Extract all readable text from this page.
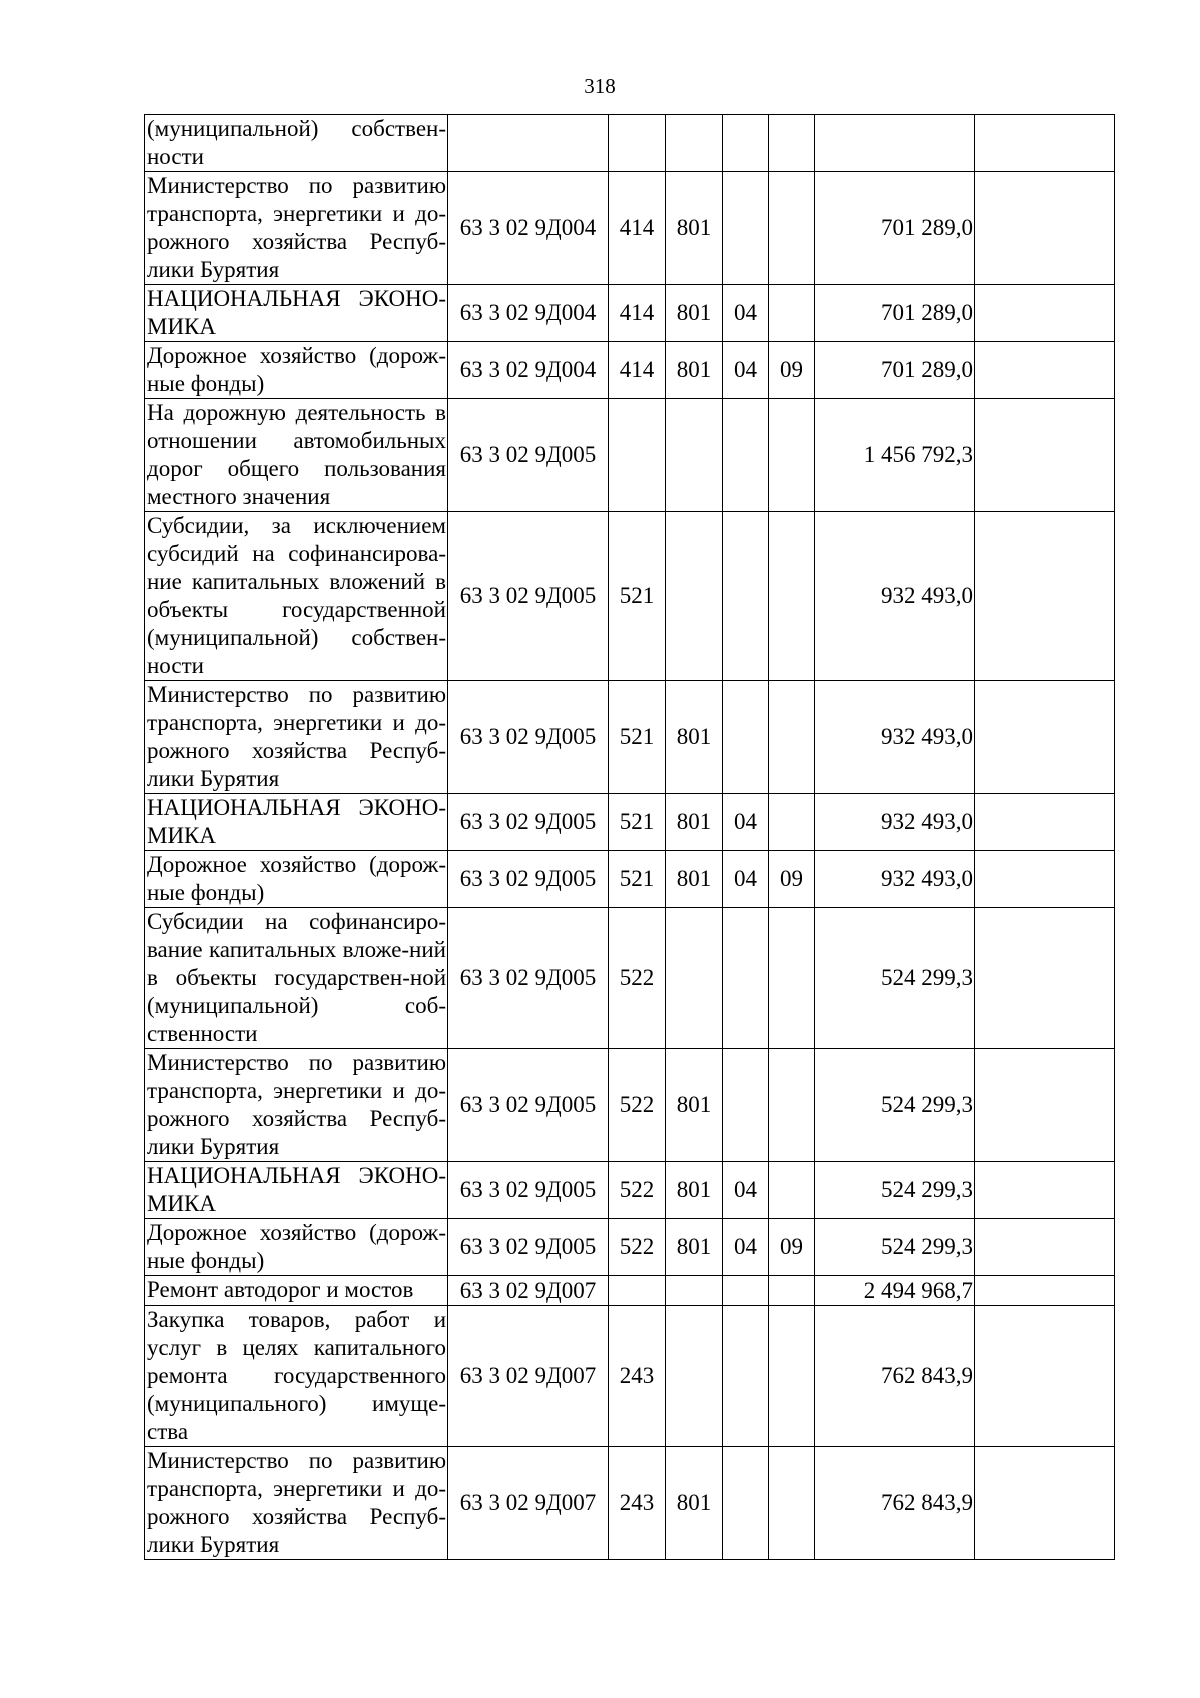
318
(муниципальной) собствен-ности							
Министерство по развитию транспорта, энергетики и до-рожного хозяйства Респуб-лики Бурятия	63 3 02 9Д004	414	801			701 289,0	
НАЦИОНАЛЬНАЯ ЭКОНО-МИКА	63 3 02 9Д004	414	801	04		701 289,0	
Дорожное хозяйство (дорож-ные фонды)	63 3 02 9Д004	414	801	04	09	701 289,0	
На дорожную деятельность в отношении автомобильных дорог общего пользования местного значения	63 3 02 9Д005					1 456 792,3	
Субсидии, за исключением субсидий на софинансирова-ние капитальных вложений в объекты государственной (муниципальной) собствен-ности	63 3 02 9Д005	521				932 493,0	
Министерство по развитию транспорта, энергетики и до-рожного хозяйства Респуб-лики Бурятия	63 3 02 9Д005	521	801			932 493,0	
НАЦИОНАЛЬНАЯ ЭКОНО-МИКА	63 3 02 9Д005	521	801	04		932 493,0	
Дорожное хозяйство (дорож-ные фонды)	63 3 02 9Д005	521	801	04	09	932 493,0	
Субсидии на софинансиро-вание капитальных вложе-ний в объекты государствен-ной (муниципальной) соб-ственности	63 3 02 9Д005	522				524 299,3	
Министерство по развитию транспорта, энергетики и до-рожного хозяйства Респуб-лики Бурятия	63 3 02 9Д005	522	801			524 299,3	
НАЦИОНАЛЬНАЯ ЭКОНО-МИКА	63 3 02 9Д005	522	801	04		524 299,3	
Дорожное хозяйство (дорож-ные фонды)	63 3 02 9Д005	522	801	04	09	524 299,3	
Ремонт автодорог и мостов	63 3 02 9Д007					2 494 968,7	
Закупка товаров, работ и услуг в целях капитального ремонта государственного (муниципального) имуще-ства	63 3 02 9Д007	243				762 843,9	
Министерство по развитию транспорта, энергетики и до-рожного хозяйства Респуб-лики Бурятия	63 3 02 9Д007	243	801			762 843,9	
